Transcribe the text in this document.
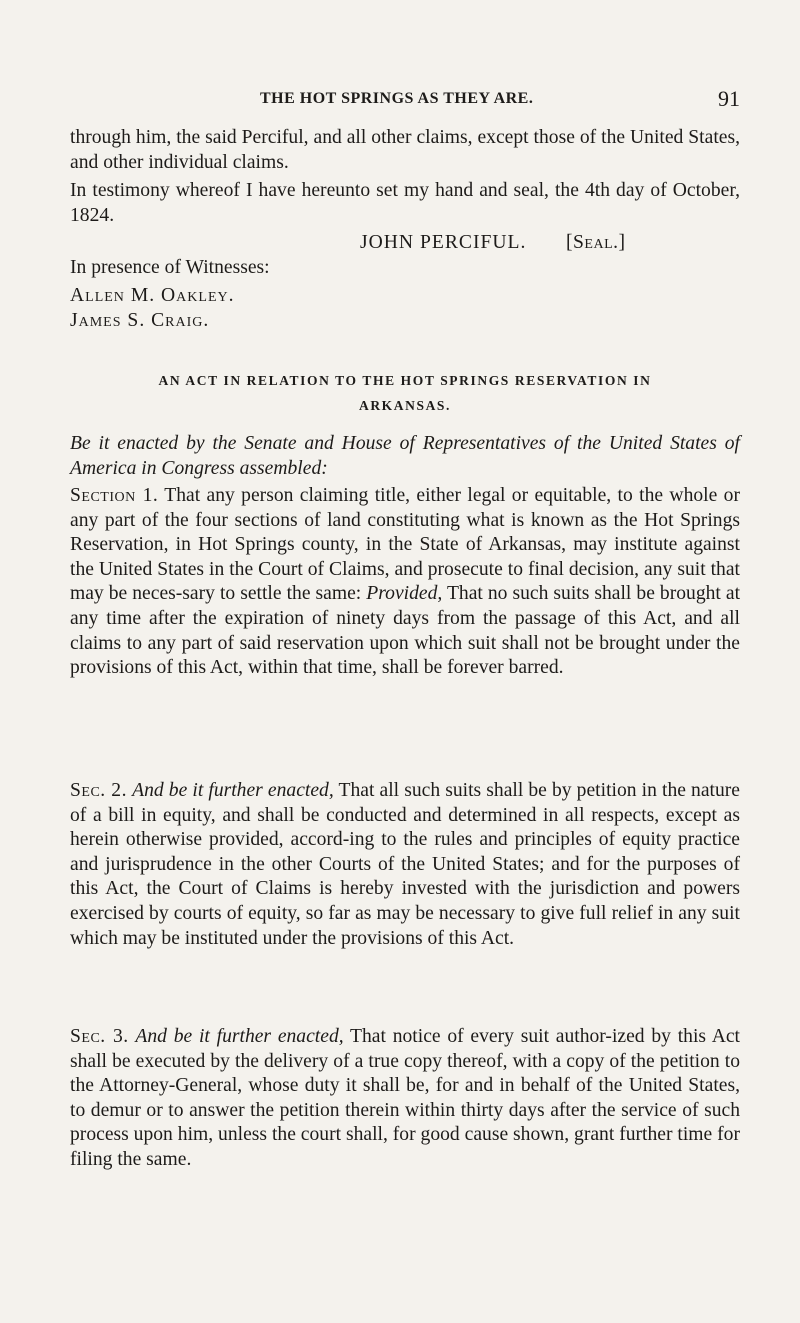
THE HOT SPRINGS AS THEY ARE.	91

through him, the said Perciful, and all other claims, except those of the United States, and other individual claims.

In testimony whereof I have hereunto set my hand and seal, the 4th day of October, 1824.

JOHN PERCIFUL. [Seal.]
In presence of Witnesses:
Allen M. Oakley.
James S. Craig.
AN ACT IN RELATION TO THE HOT SPRINGS RESERVATION IN
ARKANSAS.

Be it enacted by the Senate and House of Representatives of the United States of America in Congress assembled:

Section 1. That any person claiming title, either legal or equitable, to the whole or any part of the four sections of land constituting what is known as the Hot Springs Reservation, in Hot Springs county, in the State of Arkansas, may institute against the United States in the Court of Claims, and prosecute to final decision, any suit that may be neces-sary to settle the same: Provided, That no such suits shall be brought at any time after the expiration of ninety days from the passage of this Act, and all claims to any part of said reservation upon which suit shall not be brought under the provisions of this Act, within that time, shall be forever barred.

Sec. 2. And be it further enacted, That all such suits shall be by petition in the nature of a bill in equity, and shall be conducted and determined in all respects, except as herein otherwise provided, accord-ing to the rules and principles of equity practice and jurisprudence in the other Courts of the United States; and for the purposes of this Act, the Court of Claims is hereby invested with the jurisdiction and powers exercised by courts of equity, so far as may be necessary to give full relief in any suit which may be instituted under the provisions of this Act.

Sec. 3. And be it further enacted, That notice of every suit author-ized by this Act shall be executed by the delivery of a true copy thereof, with a copy of the petition to the Attorney-General, whose duty it shall be, for and in behalf of the United States, to demur or to answer the petition therein within thirty days after the service of such process upon him, unless the court shall, for good cause shown, grant further time for filing the same.
